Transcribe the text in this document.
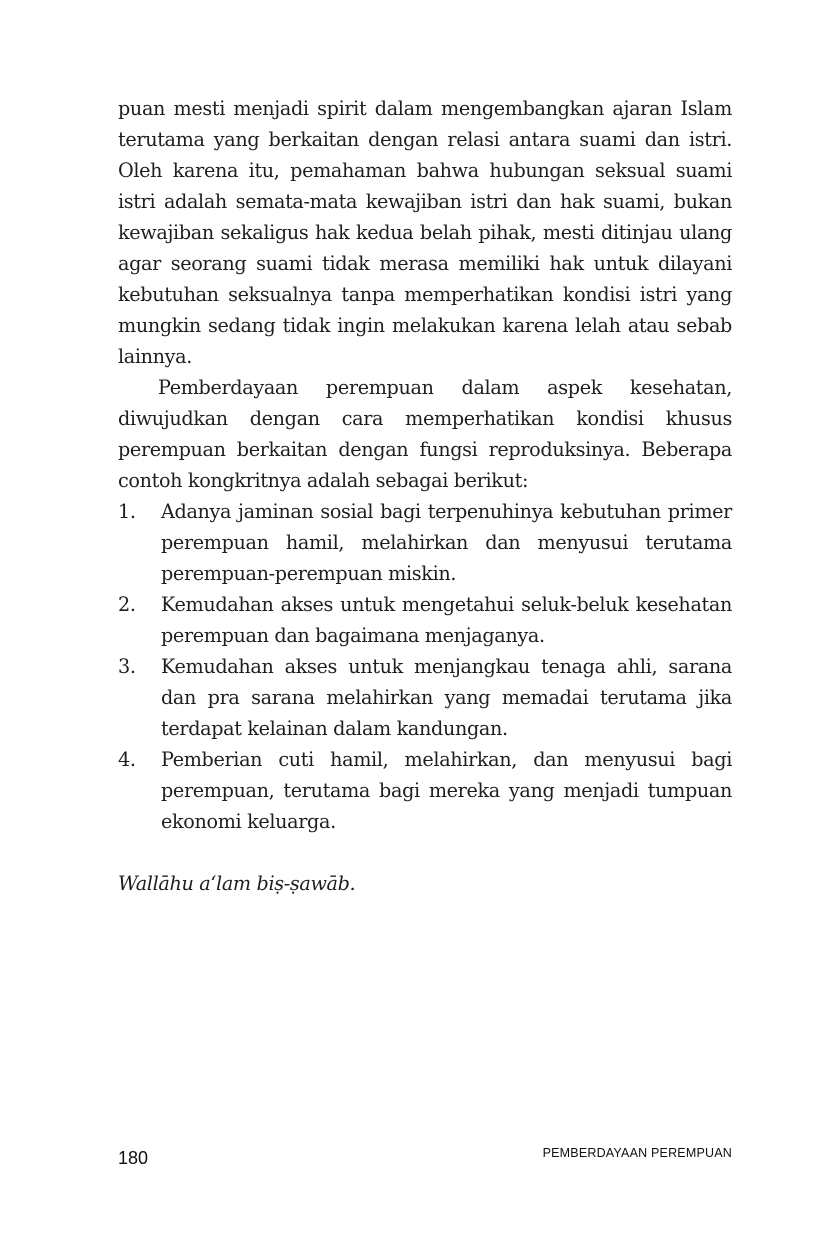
puan mesti menjadi spirit dalam mengembangkan ajaran Islam terutama yang berkaitan dengan relasi antara suami dan istri. Oleh karena itu, pemahaman bahwa hubungan seksual suami istri adalah semata-mata kewajiban istri dan hak suami, bukan kewajiban sekaligus hak kedua belah pihak, mesti ditinjau ulang agar seorang suami tidak merasa memiliki hak untuk dilayani kebutuhan seksualnya tanpa memperhatikan kondisi istri yang mungkin sedang tidak ingin melakukan karena lelah atau sebab lainnya.

Pemberdayaan perempuan dalam aspek kesehatan, diwujudkan dengan cara memperhatikan kondisi khusus perempuan berkaitan dengan fungsi reproduksinya. Beberapa contoh kongkritnya adalah sebagai berikut:

1. Adanya jaminan sosial bagi terpenuhinya kebutuhan primer perempuan hamil, melahirkan dan menyusui terutama perempuan-perempuan miskin.
2. Kemudahan akses untuk mengetahui seluk-beluk kesehatan perempuan dan bagaimana menjaganya.
3. Kemudahan akses untuk menjangkau tenaga ahli, sarana dan pra sarana melahirkan yang memadai terutama jika terdapat kelainan dalam kandungan.
4. Pemberian cuti hamil, melahirkan, dan menyusui bagi perempuan, terutama bagi mereka yang menjadi tumpuan ekonomi keluarga.
Wallāhu a‘lam biṣ-ṣawāb.
180	PEMBERDAYAAN PEREMPUAN
